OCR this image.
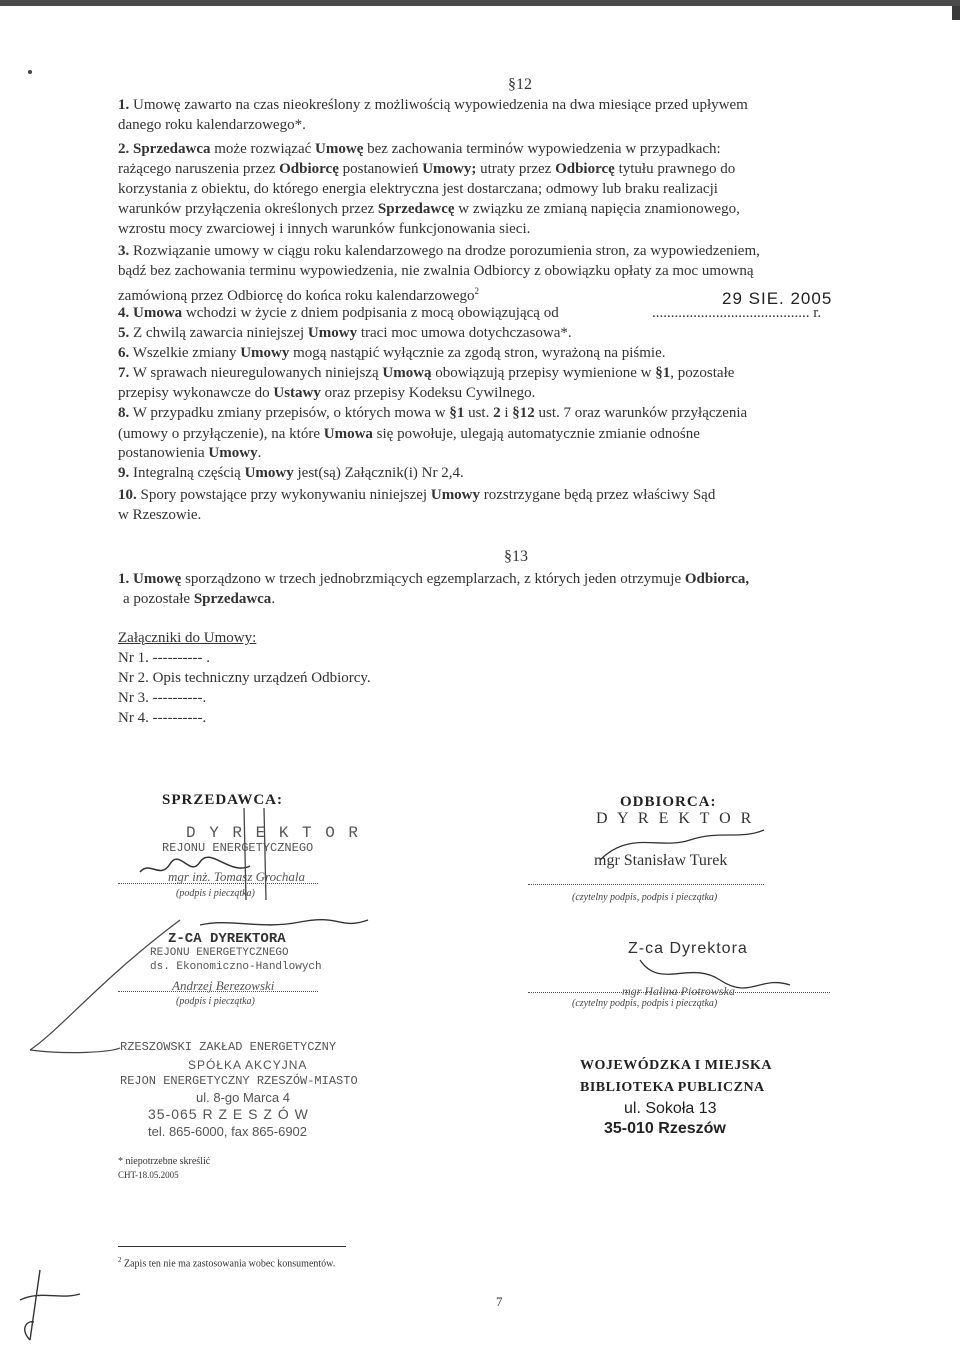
§12
1. Umowę zawarto na czas nieokreślony z możliwością wypowiedzenia na dwa miesiące przed upływem
danego roku kalendarzowego*.
2. Sprzedawca może rozwiązać Umowę bez zachowania terminów wypowiedzenia w przypadkach:
rażącego naruszenia przez Odbiorcę postanowień Umowy; utraty przez Odbiorcę tytułu prawnego do
korzystania z obiektu, do którego energia elektryczna jest dostarczana; odmowy lub braku realizacji
warunków przyłączenia określonych przez Sprzedawcę w związku ze zmianą napięcia znamionowego,
wzrostu mocy zwarciowej i innych warunków funkcjonowania sieci.
3. Rozwiązanie umowy w ciągu roku kalendarzowego na drodze porozumienia stron, za wypowiedzeniem,
bądź bez zachowania terminu wypowiedzenia, nie zwalnia Odbiorcy z obowiązku opłaty za moc umowną
zamówioną przez Odbiorcę do końca roku kalendarzowego$^2$	29 SIE. 2005
4. Umowa wchodzi w życie z dniem podpisania z mocą obowiązującą od	.......................................... r.
5. Z chwilą zawarcia niniejszej Umowy traci moc umowa dotychczasowa*.
6. Wszelkie zmiany Umowy mogą nastąpić wyłącznie za zgodą stron, wyrażoną na piśmie.
7. W sprawach nieuregulowanych niniejszą Umową obowiązują przepisy wymienione w §1, pozostałe
przepisy wykonawcze do Ustawy oraz przepisy Kodeksu Cywilnego.
8. W przypadku zmiany przepisów, o których mowa w §1 ust. 2 i §12 ust. 7 oraz warunków przyłączenia
(umowy o przyłączenie), na które Umowa się powołuje, ulegają automatycznie zmianie odnośne
postanowienia Umowy.
9. Integralną częścią Umowy jest(są) Załącznik(i) Nr 2,4.
10. Spory powstające przy wykonywaniu niniejszej Umowy rozstrzygane będą przez właściwy Sąd
w Rzeszowie.
§13
1. Umowę sporządzono w trzech jednobrzmiących egzemplarzach, z których jeden otrzymuje Odbiorca,
a pozostałe Sprzedawca.
Załączniki do Umowy:
Nr 1. ---------- .
Nr 2. Opis techniczny urządzeń Odbiorcy.
Nr 3. ----------.
Nr 4. ----------.
SPRZEDAWCA:
D Y R E K T O R
REJONU ENERGETYCZNEGO
mgr inż. Tomasz Grochala
(podpis i pieczątka)
Z-CA DYREKTORA
REJONU ENERGETYCZNEGO
ds. Ekonomiczno-Handlowych
Andrzej Berezowski
(podpis i pieczątka)
RZESZOWSKI ZAKŁAD ENERGETYCZNY
SPÓŁKA AKCYJNA
REJON ENERGETYCZNY RZESZÓW-MIASTO
ul. 8-go Marca 4
35-065 R Z E S Z Ó W
tel. 865-6000, fax 865-6902
ODBIORCA:
D Y R E K T O R
mgr Stanisław Turek
(czytelny podpis, podpis i pieczątka)
Z-ca Dyrektora
mgr Halina Piotrowska
(czytelny podpis, podpis i pieczątka)
WOJEWÓDZKA I MIEJSKA
BIBLIOTEKA PUBLICZNA
ul. Sokoła 13
35-010 Rzeszów
* niepotrzebne skreślić
CHT-18.05.2005
$^2$ Zapis ten nie ma zastosowania wobec konsumentów.
7
